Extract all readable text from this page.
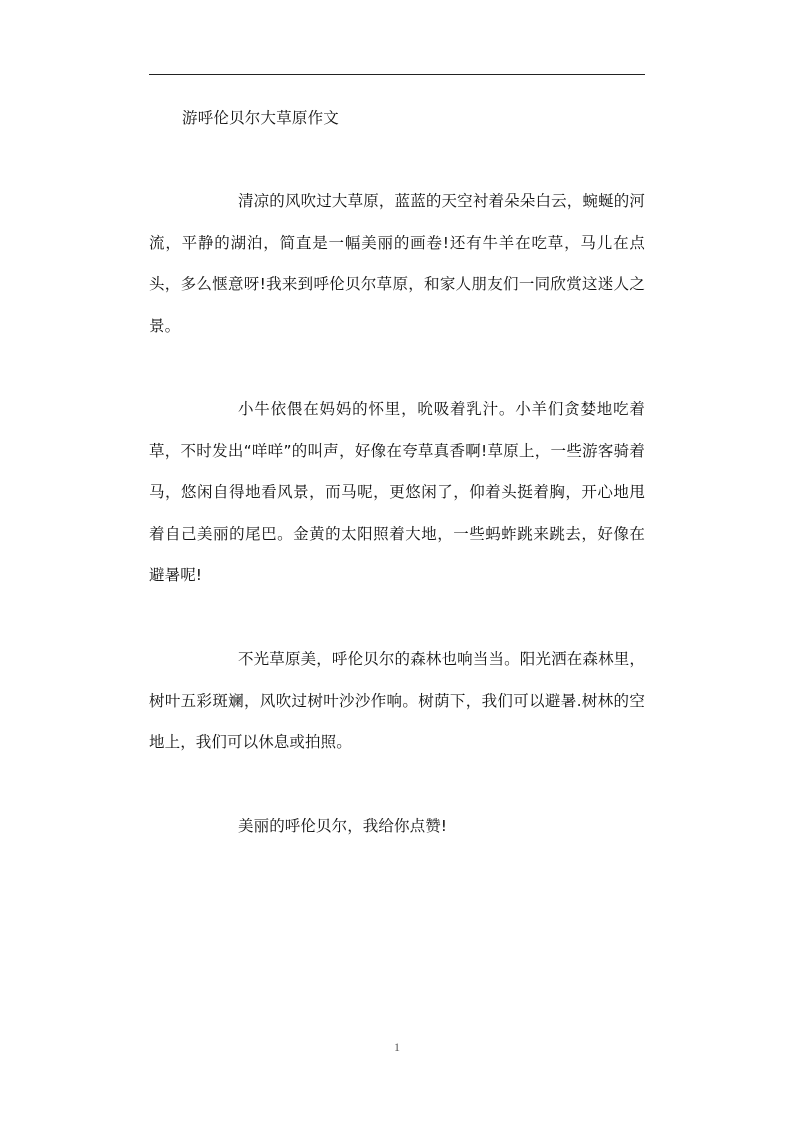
游呼伦贝尔大草原作文

清凉的风吹过大草原，蓝蓝的天空衬着朵朵白云，蜿蜒的河流，平静的湖泊，简直是一幅美丽的画卷!还有牛羊在吃草，马儿在点头，多么惬意呀!我来到呼伦贝尔草原，和家人朋友们一同欣赏这迷人之景。

小牛依偎在妈妈的怀里，吮吸着乳汁。小羊们贪婪地吃着草，不时发出“咩咩”的叫声，好像在夸草真香啊!草原上，一些游客骑着马，悠闲自得地看风景，而马呢，更悠闲了，仰着头挺着胸，开心地甩着自己美丽的尾巴。金黄的太阳照着大地，一些蚂蚱跳来跳去，好像在避暑呢!

不光草原美，呼伦贝尔的森林也响当当。阳光洒在森林里，树叶五彩斑斓，风吹过树叶沙沙作响。树荫下，我们可以避暑.树林的空地上，我们可以休息或拍照。

美丽的呼伦贝尔，我给你点赞!

1
